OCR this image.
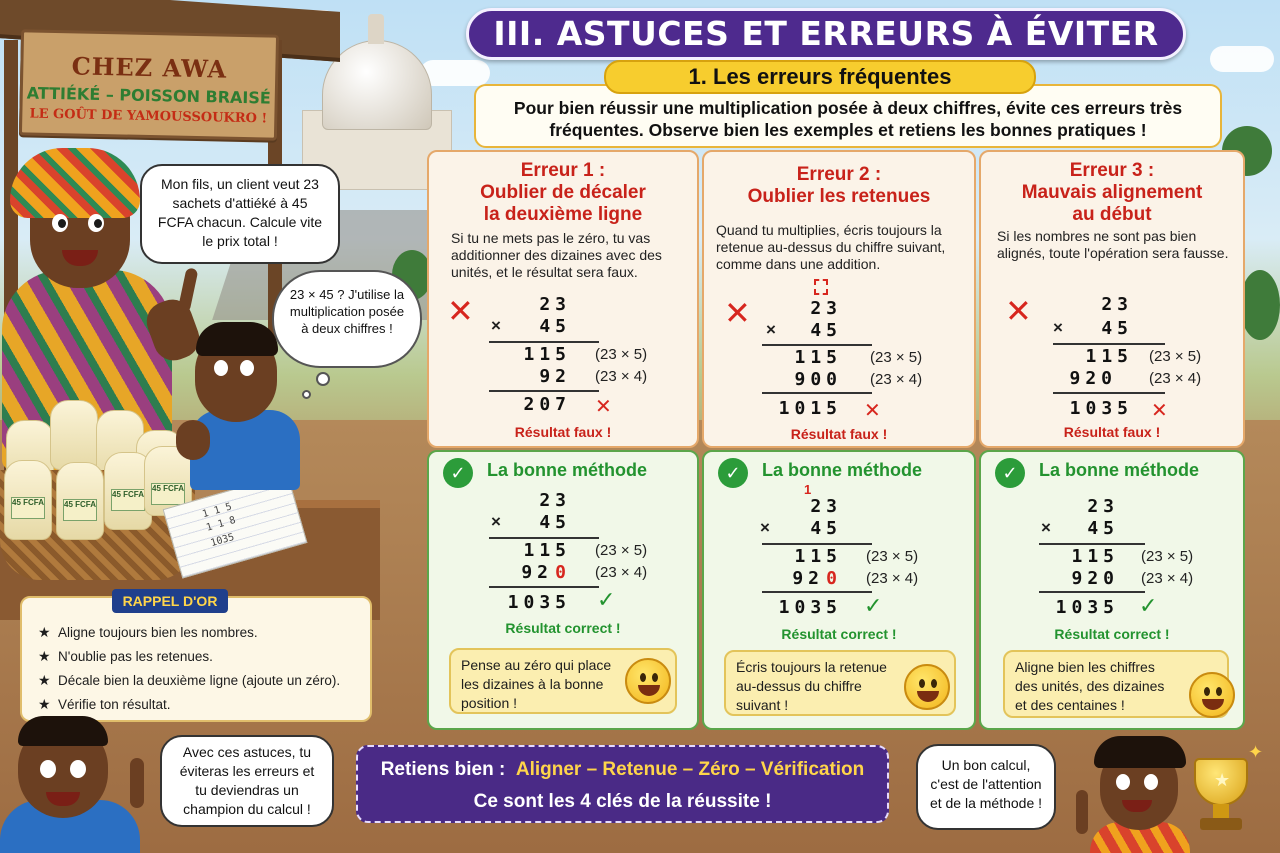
CHEZ AWA
ATTIÉKÉ – POISSON BRAISÉ
LE GOÛT DE YAMOUSSOUKRO !
45 FCFA 45 FCFA
45 FCFA
45 FCFA
1 1 5
1 1 8
1035
Mon fils, un client veut 23 sachets d'attiéké à 45 FCFA chacun. Calcule vite le prix total !
23 × 45 ? J'utilise la multiplication posée à deux chiffres !
III. ASTUCES ET ERREURS À ÉVITER
Pour bien réussir une multiplication posée à deux chiffres, évite ces erreurs très fréquentes. Observe bien les exemples et retiens les bonnes pratiques !
1. Les erreurs fréquentes
Erreur 1 :
Oublier de décaler
la deuxième ligne
Si tu ne mets pas le zéro, tu vas additionner des dizaines avec des unités, et le résultat sera faux.
✕	23
×	45
115 (23 × 5)
92 (23 × 4)
207 ✕
Résultat faux !
Erreur 2 :
Oublier les retenues
Quand tu multiplies, écris toujours la retenue au-dessus du chiffre suivant, comme dans une addition.
✕	23
×	45
115 (23 × 5)
900 (23 × 4)
1015 ✕
Résultat faux !
Erreur 3 :
Mauvais alignement
au début
Si les nombres ne sont pas bien alignés, toute l'opération sera fausse.
✕	23
×	45
115 (23 × 5)
920 (23 × 4)
1035 ✕
Résultat faux !
✓	La bonne méthode
23
×	45
115 (23 × 5)
92 0 (23 × 4)
1035 ✓
Résultat correct !
Pense au zéro qui place les dizaines à la bonne position !
✓	La bonne méthode
1
23
×	45
115 (23 × 5)
92 0 (23 × 4)
1035 ✓
Résultat correct !
Écris toujours la retenue au-dessus du chiffre suivant !
✓	La bonne méthode
23
×	45
115 (23 × 5)
920 (23 × 4)
1035 ✓
Résultat correct !
Aligne bien les chiffres des unités, des dizaines et des centaines !
★ Aligne toujours bien les nombres.
★ N'oublie pas les retenues.
★ Décale bien la deuxième ligne (ajoute un zéro).
★ Vérifie ton résultat.
RAPPEL D'OR
Avec ces astuces, tu éviteras les erreurs et tu deviendras un champion du calcul !
Retiens bien : Aligner – Retenue – Zéro – Vérification
Ce sont les 4 clés de la réussite !
Un bon calcul, c'est de l'attention et de la méthode !
★
✦
